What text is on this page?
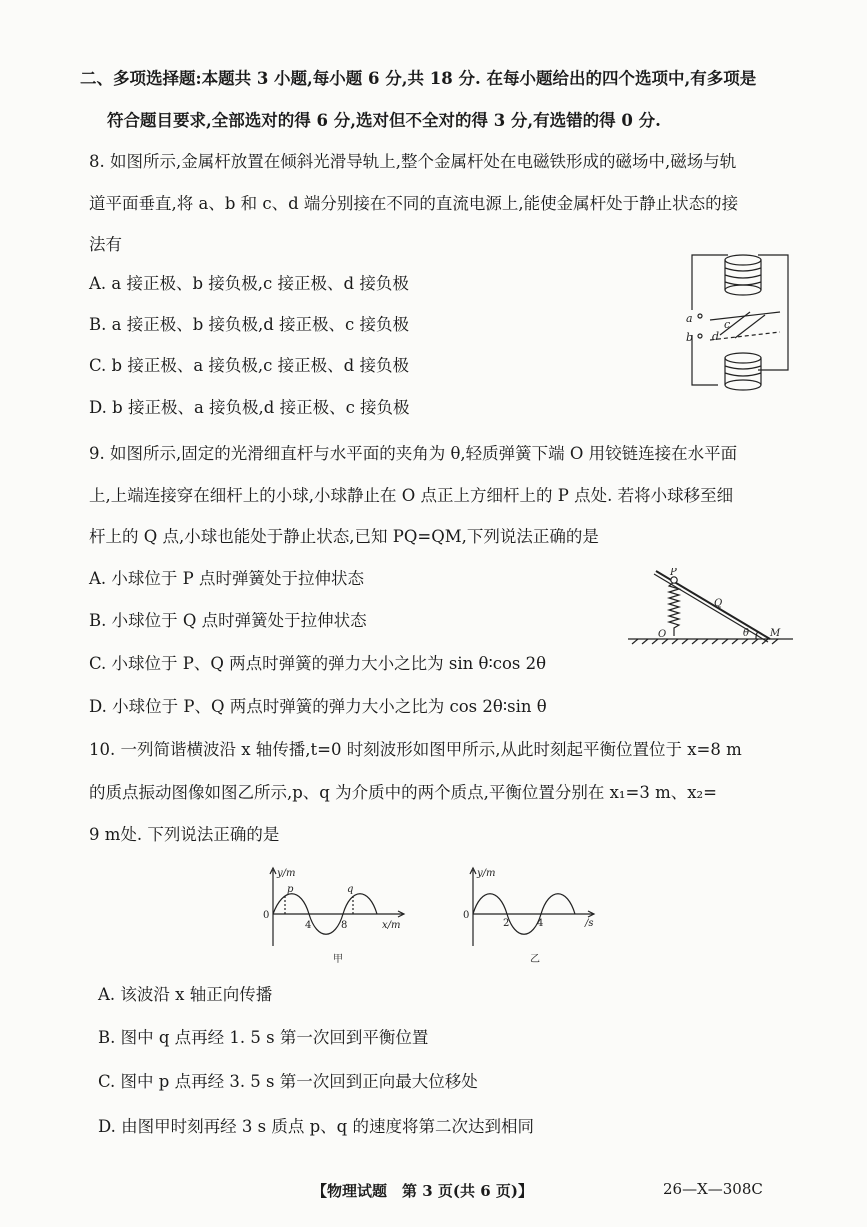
二、多项选择题:本题共 3 小题,每小题 6 分,共 18 分. 在每小题给出的四个选项中,有多项是
符合题目要求,全部选对的得 6 分,选对但不全对的得 3 分,有选错的得 0 分.
8. 如图所示,金属杆放置在倾斜光滑导轨上,整个金属杆处在电磁铁形成的磁场中,磁场与轨
道平面垂直,将 a、b 和 c、d 端分别接在不同的直流电源上,能使金属杆处于静止状态的接
法有
A. a 接正极、b 接负极,c 接正极、d 接负极
B. a 接正极、b 接负极,d 接正极、c 接负极
C. b 接正极、a 接负极,c 接正极、d 接负极
D. b 接正极、a 接负极,d 接正极、c 接负极
a
b
c
d
9. 如图所示,固定的光滑细直杆与水平面的夹角为 θ,轻质弹簧下端 O 用铰链连接在水平面
上,上端连接穿在细杆上的小球,小球静止在 O 点正上方细杆上的 P 点处. 若将小球移至细
杆上的 Q 点,小球也能处于静止状态,已知 PQ=QM,下列说法正确的是
A. 小球位于 P 点时弹簧处于拉伸状态
B. 小球位于 Q 点时弹簧处于拉伸状态
C. 小球位于 P、Q 两点时弹簧的弹力大小之比为 sin θ∶cos 2θ
D. 小球位于 P、Q 两点时弹簧的弹力大小之比为 cos 2θ∶sin θ
P
Q
O	M
θ
10. 一列简谐横波沿 x 轴传播,t=0 时刻波形如图甲所示,从此时刻起平衡位置位于 x=8 m
的质点振动图像如图乙所示,p、q 为介质中的两个质点,平衡位置分别在 x₁=3 m、x₂=
9 m处. 下列说法正确的是
y/m
0
4	8	x/m
p	q
甲
y/m
0
2	4	/s
乙
A. 该波沿 x 轴正向传播
B. 图中 q 点再经 1. 5 s 第一次回到平衡位置
C. 图中 p 点再经 3. 5 s 第一次回到正向最大位移处
D. 由图甲时刻再经 3 s 质点 p、q 的速度将第二次达到相同
【物理试题　第 3 页(共 6 页)】	26—X—308C
